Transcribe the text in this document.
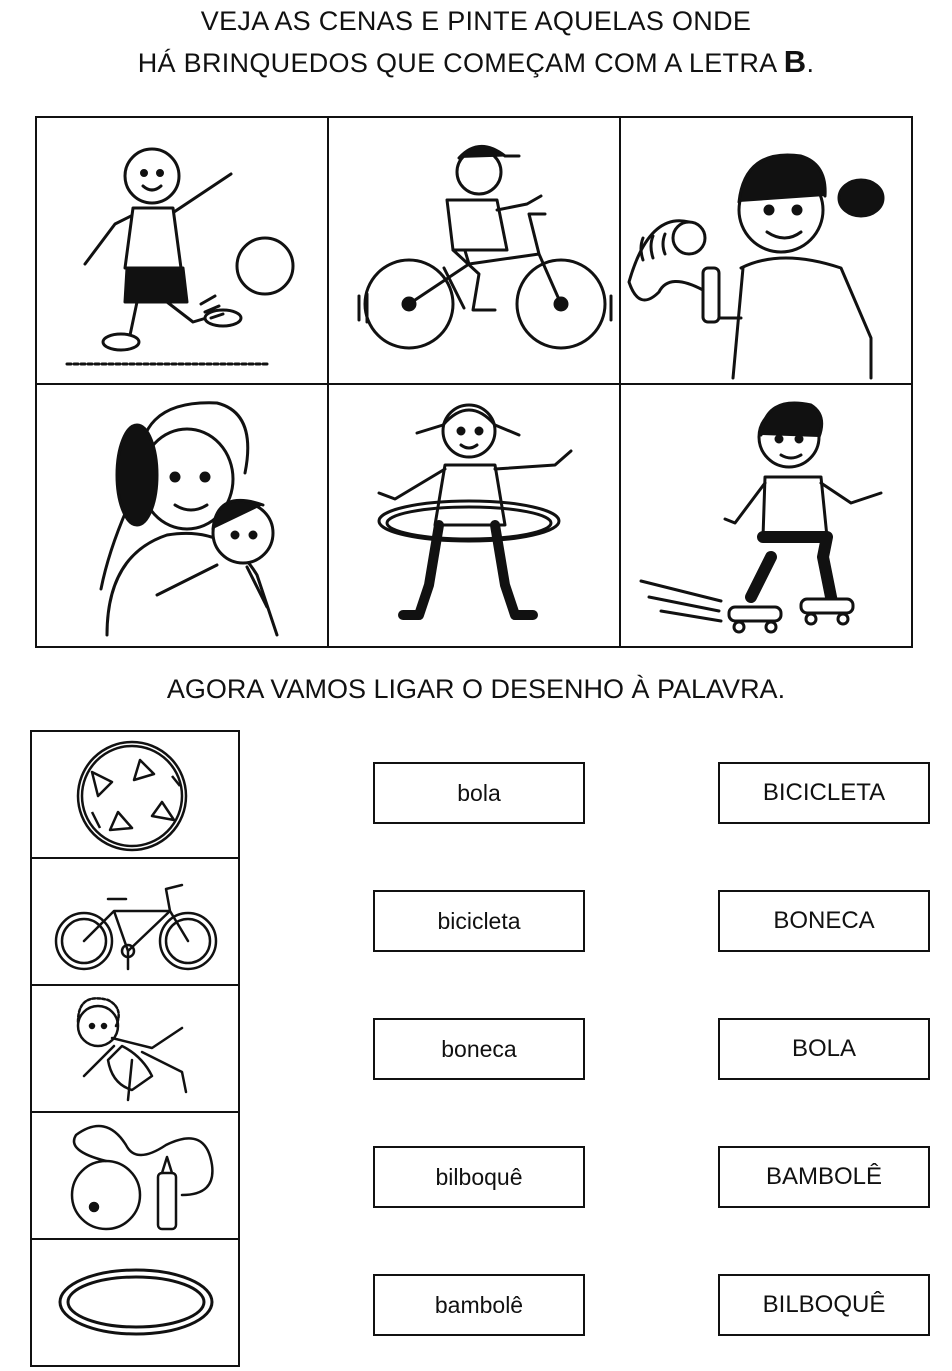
VEJA AS CENAS E PINTE AQUELAS ONDE
HÁ BRINQUEDOS QUE COMEÇAM COM A LETRA B.
AGORA VAMOS LIGAR O DESENHO À PALAVRA.
bola
bicicleta
boneca
bilboquê
bambolê
BICICLETA
BONECA
BOLA
BAMBOLÊ
BILBOQUÊ
